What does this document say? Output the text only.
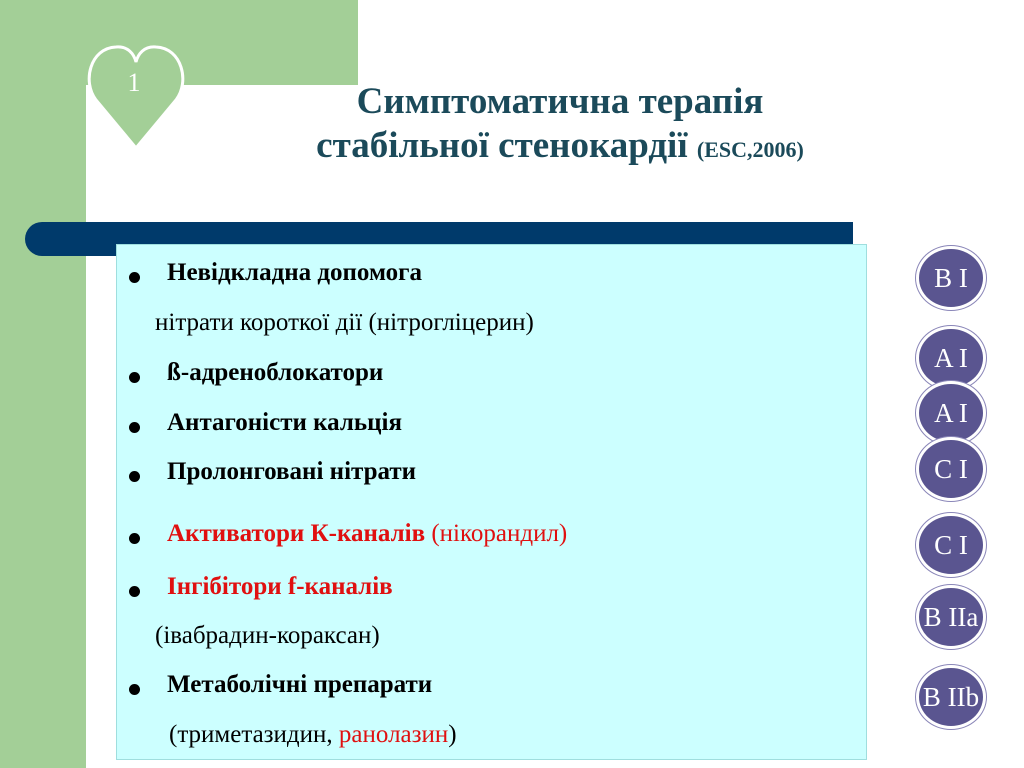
1	Симптоматична терапія
стабільної стенокардії (ESC,2006)
Невідкладна допомога
нітрати короткої дії (нітрогліцерин)
ß-адреноблокатори
Антагоністи кальція
Пролонговані нітрати
Активатори К-каналів (нікорандил)
Інгібітори f-каналів
(івабрадин-кораксан)
Метаболічні препарати
(триметазидин, ранолазин)
B I
A I
A I
C I
C I
B IIa
B IIb
